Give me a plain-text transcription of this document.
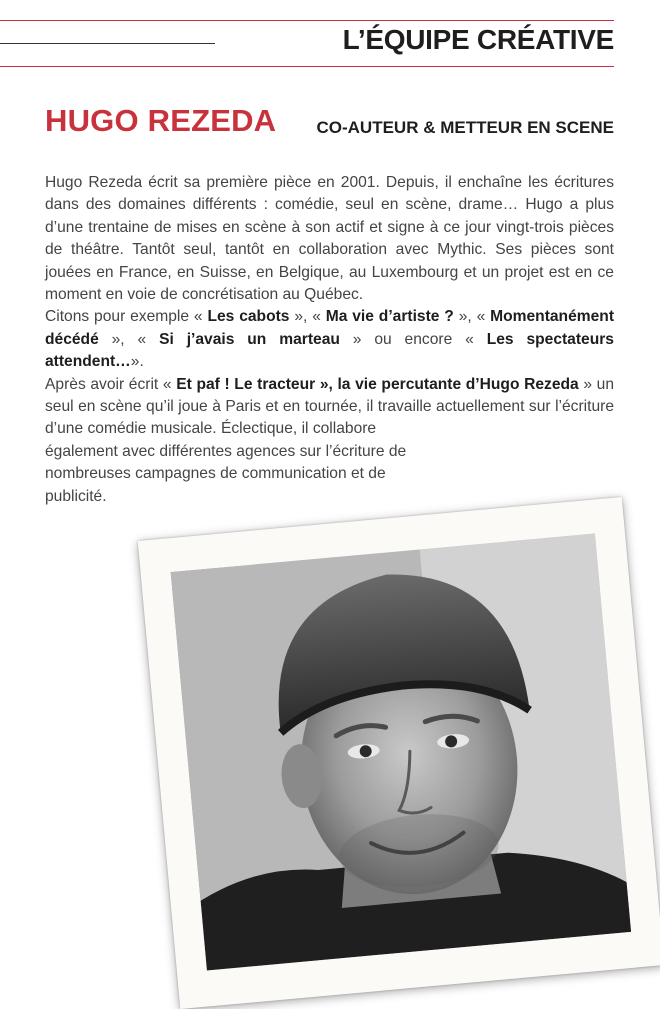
L’ÉQUIPE CRÉATIVE
HUGO REZEDA CO-AUTEUR & METTEUR EN SCENE

Hugo Rezeda écrit sa première pièce en 2001. Depuis, il enchaîne les écritures dans des domaines différents : comédie, seul en scène, drame… Hugo a plus d’une trentaine de mises en scène à son actif et signe à ce jour vingt-trois pièces de théâtre. Tantôt seul, tantôt en collaboration avec Mythic. Ses pièces sont jouées en France, en Suisse, en Belgique, au Luxembourg et un projet est en ce moment en voie de concrétisation au Québec.

Citons pour exemple « Les cabots », « Ma vie d’artiste ? », « Momentanément décédé », « Si j’avais un marteau » ou encore « Les spectateurs attendent…».

Après avoir écrit « Et paf ! Le tracteur », la vie percutante d’Hugo Rezeda » un seul en scène qu’il joue à Paris et en tournée, il travaille actuellement sur l’écriture d’une comédie musicale. Éclectique, il collabore

également avec différentes agences sur l’écriture de

nombreuses campagnes de communication et de

publicité.
